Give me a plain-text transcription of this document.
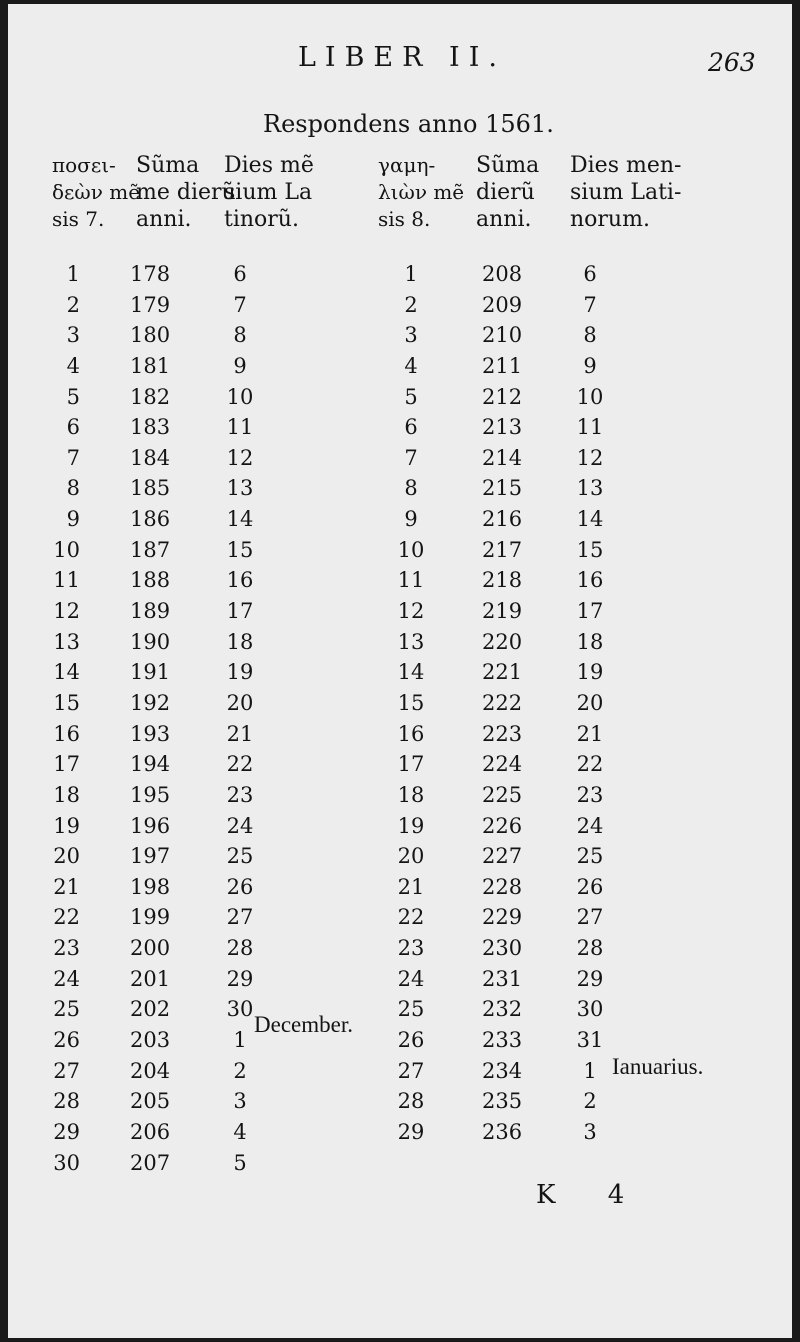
LIBER II.	263
Respondens anno 1561.
ποσει-
δεὼν mẽ
sis 7.
Sũma
me dierũ
anni.
Dies mẽ
sium La
tinorũ.
γαμη-
λιὼν mẽ
sis 8.
Sũma
dierũ
anni.
Dies men-
sium Lati-
norum.
1
2
3
4
5
6
7
8
9
10
11
12
13
14
15
16
17
18
19
20
21
22
23
24
25
26
27
28
29
30
178
179
180
181
182
183
184
185
186
187
188
189
190
191
192
193
194
195
196
197
198
199
200
201
202
203
204
205
206
207
6
7
8
9
10
11
12
13
14
15
16
17
18
19
20
21
22
23
24
25
26
27
28
29
30
1
2
3
4
5
1
2
3
4
5
6
7
8
9
10
11
12
13
14
15
16
17
18
19
20
21
22
23
24
25
26
27
28
29
208
209
210
211
212
213
214
215
216
217
218
219
220
221
222
223
224
225
226
227
228
229
230
231
232
233
234
235
236
6
7
8
9
10
11
12
13
14
15
16
17
18
19
20
21
22
23
24
25
26
27
28
29
30
31
1
2
3
December.
Ianuarius.
K 4
